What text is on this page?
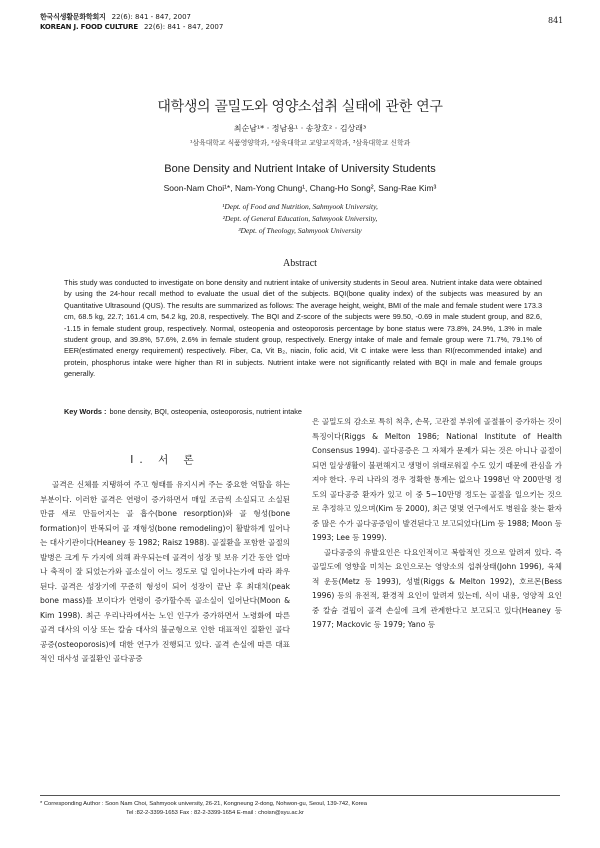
한국식생활문화학회지 22(6): 841 - 847, 2007
KOREAN J. FOOD CULTURE 22(6): 841 - 847, 2007
841
대학생의 골밀도와 영양소섭취 실태에 관한 연구
최순남¹* · 정남용¹ · 송창호² · 김상래³
¹삼육대학교 식품영양학과, ²삼육대학교 교양교직학과, ³삼육대학교 신학과
Bone Density and Nutrient Intake of University Students
Soon-Nam Choi¹*, Nam-Yong Chung¹, Chang-Ho Song², Sang-Rae Kim³
¹Dept. of Food and Nutrition, Sahmyook University,
²Dept. of General Education, Sahmyook University,
³Dept. of Theology, Sahmyook University
Abstract
This study was conducted to investigate on bone density and nutrient intake of university students in Seoul area. Nutrient intake data were obtained by using the 24-hour recall method to evaluate the usual diet of the subjects. BQI(bone quality index) of the subjects was measured by an Quantitative Ultrasound (QUS). The results are summarized as follows: The average height, weight, BMI of the male and female student were 173.3 cm, 68.5 kg, 22.7; 161.4 cm, 54.2 kg, 20.8, respectively. The BQI and Z-score of the subjects were 99.50, -0.69 in male student group, and 82.6, -1.15 in female student group, respectively. Normal, osteopenia and osteoporosis percentage by bone status were 73.8%, 24.9%, 1.3% in male student group, and 39.8%, 57.6%, 2.6% in female student group, respectively. Energy intake of male and female group were 71.7%, 79.1% of EER(estimated energy requirement) respectively. Fiber, Ca, Vit B₂, niacin, folic acid, Vit C intake were less than RI(recommended intake) and protein, phosphorus intake were higher than RI in subjects. Nutrient intake were not significantly related with BQI in male and female groups generally.
Key Words : bone density, BQI, osteopenia, osteoporosis, nutrient intake
I. 서 론
골격은 신체를 지탱하여 주고 형태를 유지시켜 주는 중요한 역할을 하는 부분이다. 이러한 골격은 연령이 증가하면서 매일 조금씩 소실되고 소실된 만큼 새로 만들어지는 골 흡수(bone resorption)와 골 형성(bone formation)이 반복되어 골 재형성(bone remodeling)이 활발하게 일어나는 대사기관이다(Heaney 등 1982; Raisz 1988). 골질환을 포함한 골절의 발병은 크게 두 가지에 의해 좌우되는데 골격이 성장 및 보유 기간 동안 얼마나 축적이 잘 되었는가와 골소실이 어느 정도로 덜 일어나는가에 따라 좌우된다. 골격은 성장기에 꾸준히 형성이 되어 성장이 끝난 후 최대치(peak bone mass)를 보이다가 연령이 증가할수록 골소실이 일어난다(Moon & Kim 1998). 최근 우리나라에서는 노인 인구가 증가하면서 노령화에 따른 골격 대사의 이상 또는 칼슘 대사의 불균형으로 인한 대표적인 질환인 골다공증(osteoporosis)에 대한 연구가 진행되고 있다. 골격 손실에 따른 대표적인 대사성 골질환인 골다공증
은 골밀도의 감소로 특히 척추, 손목, 고관절 부위에 골절률이 증가하는 것이 특징이다(Riggs & Melton 1986; National Institute of Health Consensus 1994). 골다공증은 그 자체가 문제가 되는 것은 아니나 골절이 되면 일상생활이 불편해지고 생명이 위태로워질 수도 있기 때문에 관심을 가져야 한다. 우리 나라의 경우 정확한 통계는 없으나 1998년 약 200만명 정도의 골다공증 환자가 있고 이 중 5~10만명 정도는 골절을 일으키는 것으로 추정하고 있으며(Kim 등 2000), 최근 몇몇 연구에서도 병원을 찾는 환자 중 많은 수가 골다공증임이 발견된다고 보고되었다(Lim 등 1988; Moon 등 1993; Lee 등 1999).
골다공증의 유발요인은 다요인적이고 복합적인 것으로 알려져 있다. 즉 골밀도에 영향을 미치는 요인으로는 영양소의 섭취상태(John 1996), 육체적 운동(Metz 등 1993), 성별(Riggs & Melton 1992), 호르몬(Bess 1996) 등의 유전적, 환경적 요인이 알려져 있는데, 식이 내용, 영양적 요인 중 칼슘 결핍이 골격 손실에 크게 관계한다고 보고되고 있다(Heaney 등 1977; Mackovic 등 1979; Yano 등
* Corresponding Author : Soon Nam Choi, Sahmyook university, 26-21, Kongneung 2-dong, Nohwon-gu, Seoul, 139-742, Korea
Tel :82-2-3399-1653 Fax : 82-2-3399-1654 E-mail : choisn@syu.ac.kr
